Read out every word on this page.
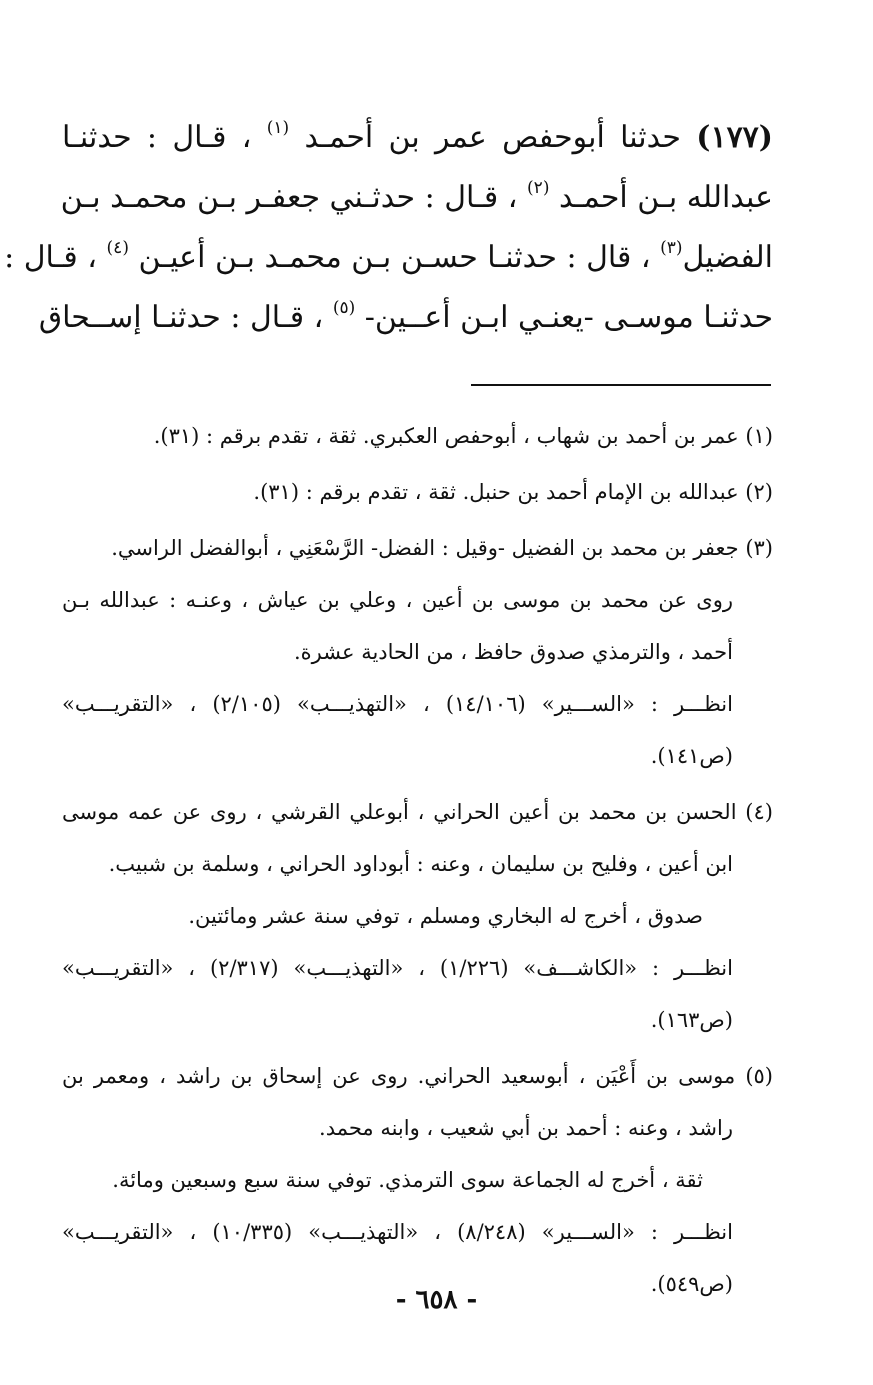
(١٧٧) حدثنا أبوحفص عمر بن أحمـد $^{(١)}$ ، قـال : حدثنـا
عبدالله بـن أحمـد $^{(٢)}$ ، قـال : حدثـني جعفـر بـن محمـد بـن
الفضيل$^{(٣)}$ ، قال : حدثنـا حسـن بـن محمـد بـن أعيـن $^{(٤)}$ ، قـال :
حدثنـا موسـى -يعنـي ابـن أعــين- $^{(٥)}$ ، قـال : حدثنـا إســحاق
(١) عمر بن أحمد بن شهاب ، أبوحفص العكبري. ثقة ، تقدم برقم : (٣١).
(٢) عبدالله بن الإمام أحمد بن حنبل. ثقة ، تقدم برقم : (٣١).
(٣) جعفر بن محمد بن الفضيل -وقيل : الفضل- الرَّسْعَنِي ، أبوالفضل الراسي.
روى عن محمد بن موسى بن أعين ، وعلي بن عياش ، وعنـه : عبدالله بـن
أحمد ، والترمذي صدوق حافظ ، من الحادية عشرة.
انظـــر : «الســـير» (١٤/١٠٦) ، «التهذيـــب» (٢/١٠٥) ، «التقريـــب»
(ص١٤١).
(٤) الحسن بن محمد بن أعين الحراني ، أبوعلي القرشي ، روى عن عمه موسى
ابن أعين ، وفليح بن سليمان ، وعنه : أبوداود الحراني ، وسلمة بن شبيب.
صدوق ، أخرج له البخاري ومسلم ، توفي سنة عشر ومائتين.
انظـــر : «الكاشـــف» (١/٢٢٦) ، «التهذيـــب» (٢/٣١٧) ، «التقريـــب»
(ص١٦٣).
(٥) موسى بن أَعْيَن ، أبوسعيد الحراني. روى عن إسحاق بن راشد ، ومعمر بن
راشد ، وعنه : أحمد بن أبي شعيب ، وابنه محمد.
ثقة ، أخرج له الجماعة سوى الترمذي. توفي سنة سبع وسبعين ومائة.
انظـــر : «الســـير» (٨/٢٤٨) ، «التهذيـــب» (١٠/٣٣٥) ، «التقريـــب»
(ص٥٤٩).
- ٦٥٨ -
